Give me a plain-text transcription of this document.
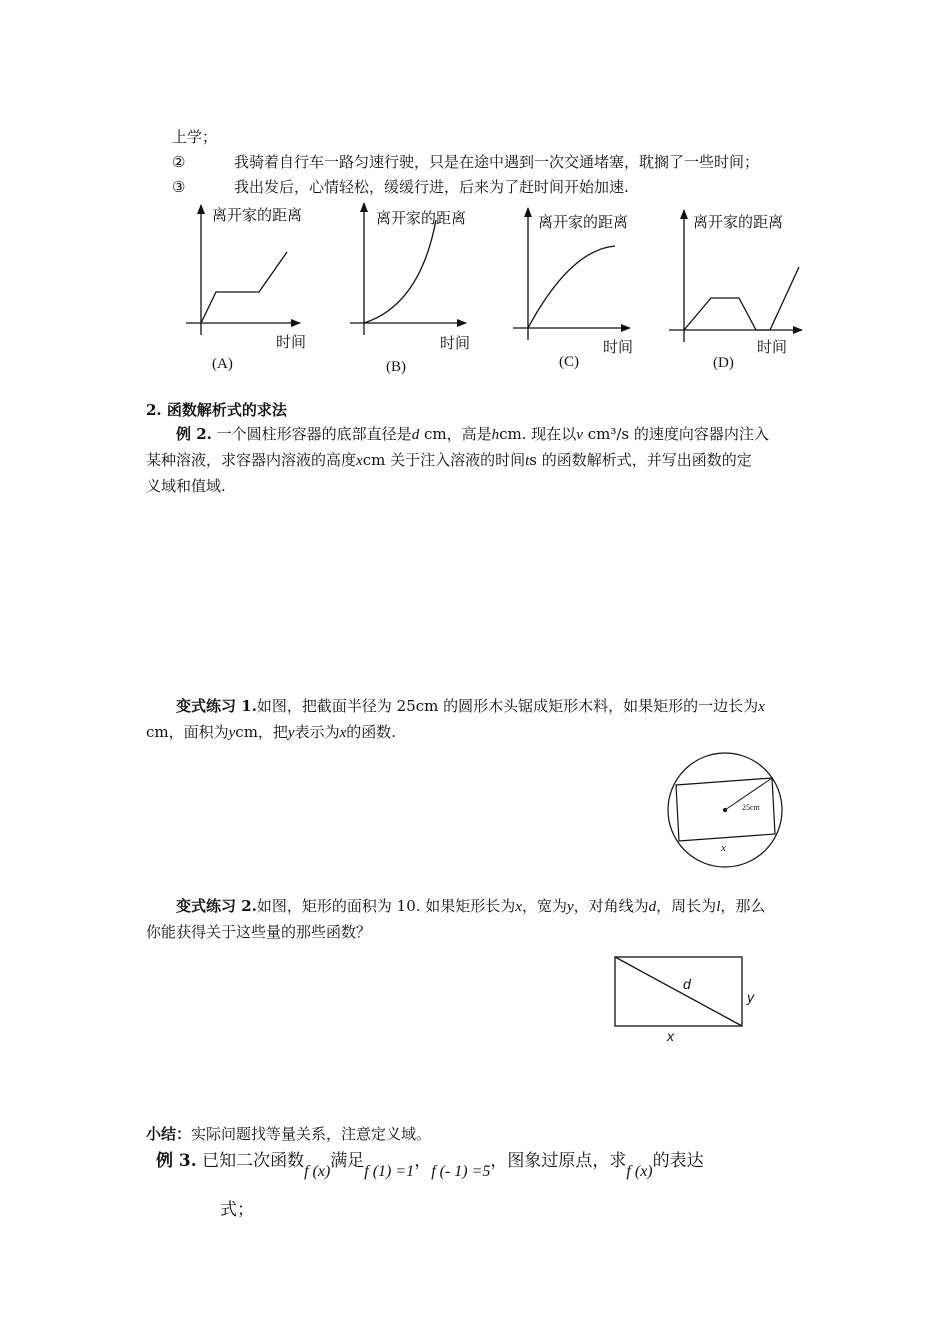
上学；
②	我骑着自行车一路匀速行驶，只是在途中遇到一次交通堵塞，耽搁了一些时间；
③	我出发后，心情轻松，缓缓行进，后来为了赶时间开始加速.
离开家的距离
时间
(A)
离开家的距离
时间
(B)
离开家的距离
时间
(C)
离开家的距离
时间
(D)
2. 函数解析式的求法
例 2. 一个圆柱形容器的底部直径是d cm，高是hcm. 现在以v cm³/s 的速度向容器内注入
某种溶液，求容器内溶液的高度xcm 关于注入溶液的时间ts 的函数解析式，并写出函数的定
义域和值域.
变式练习 1.如图，把截面半径为 25cm 的圆形木头锯成矩形木料，如果矩形的一边长为x
cm，面积为ycm，把y表示为x的函数.
25cm
x
变式练习 2.如图，矩形的面积为 10. 如果矩形长为x，宽为y，对角线为d，周长为l，那么
你能获得关于这些量的那些函数？
d
y
x
小结：实际问题找等量关系，注意定义域。
例 3. 已知二次函数f (x)满足f (1) =1，f (- 1) =5，图象过原点，求f (x)的表达
式；
